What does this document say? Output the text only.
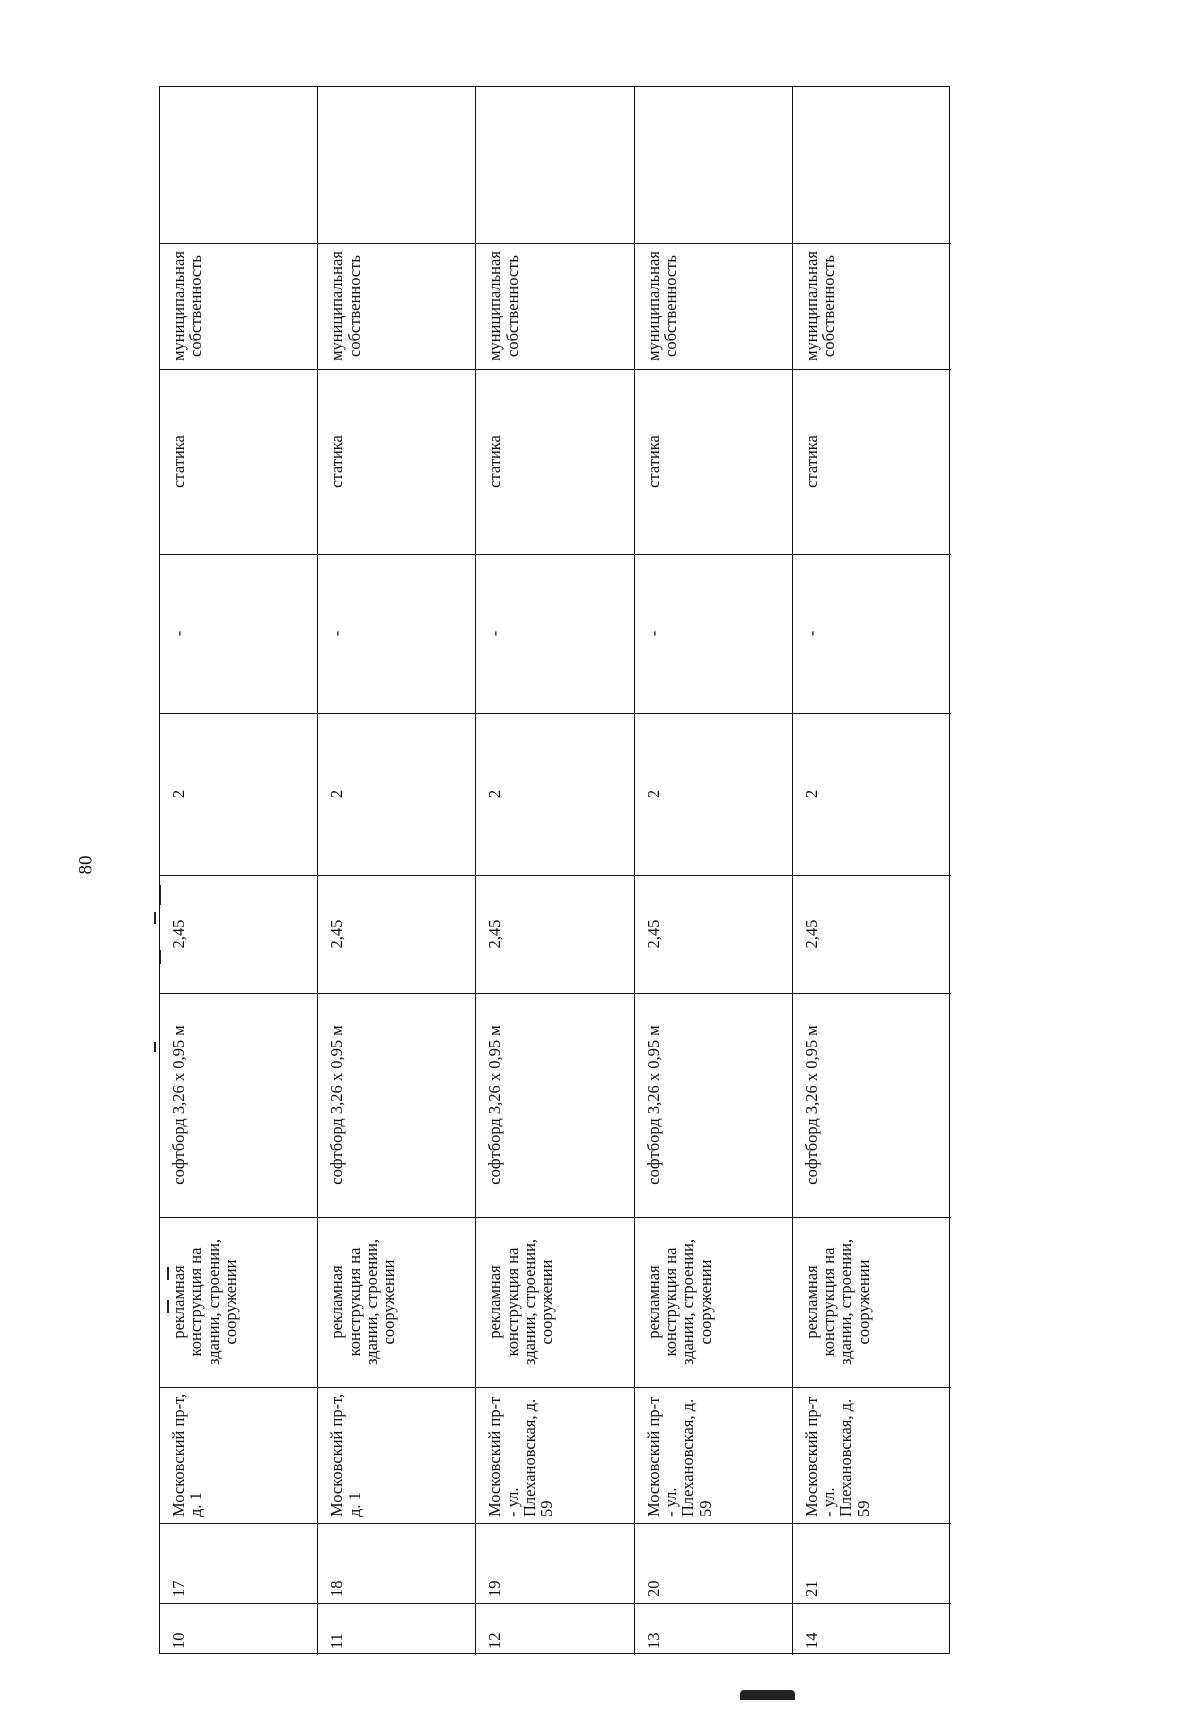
80
10
17
Московский пр-т, д. 1
рекламная конструкция на здании, строении, сооружении
софтборд 3,26 х 0,95 м
2,45
2
-
статика
муниципальная собственность
11
18
Московский пр-т, д. 1
рекламная конструкция на здании, строении, сооружении
софтборд 3,26 х 0,95 м
2,45
2
-
статика
муниципальная собственность
12
19
Московский пр-т - ул. Плехановская, д. 59
рекламная конструкция на здании, строении, сооружении
софтборд 3,26 х 0,95 м
2,45
2
-
статика
муниципальная собственность
13
20
Московский пр-т - ул. Плехановская, д. 59
рекламная конструкция на здании, строении, сооружении
софтборд 3,26 х 0,95 м
2,45
2
-
статика
муниципальная собственность
14
21
Московский пр-т - ул. Плехановская, д. 59
рекламная конструкция на здании, строении, сооружении
софтборд 3,26 х 0,95 м
2,45
2
-
статика
муниципальная собственность
